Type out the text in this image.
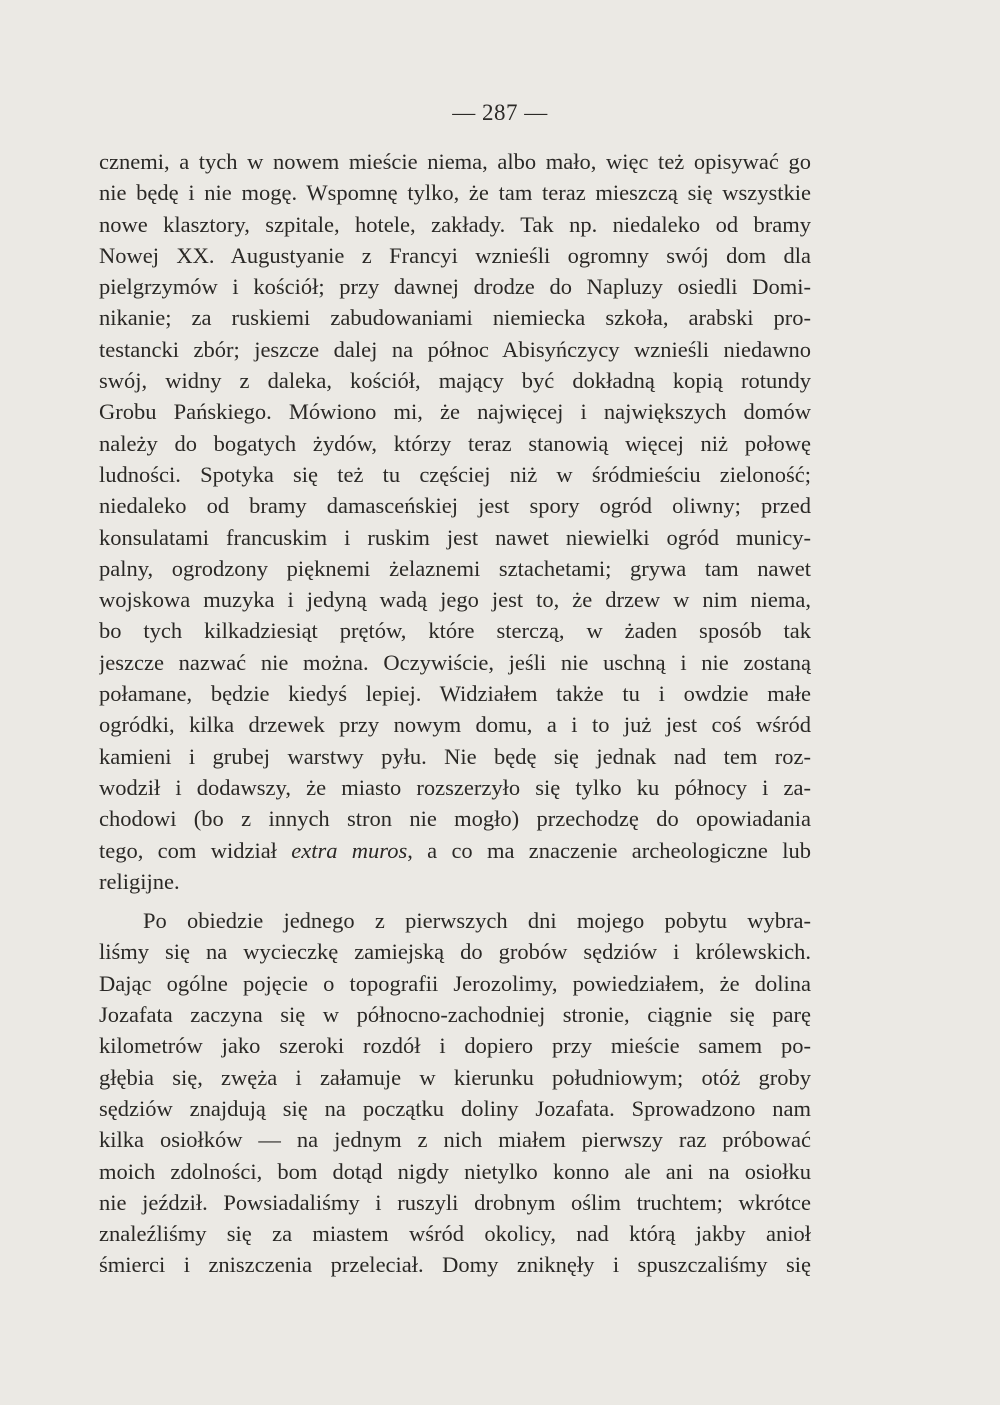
— 287 —
cznemi, a tych w nowem mieście niema, albo mało, więc też opisywać go
nie będę i nie mogę. Wspomnę tylko, że tam teraz mieszczą się wszystkie
nowe klasztory, szpitale, hotele, zakłady. Tak np. niedaleko od bramy
Nowej XX. Augustyanie z Francyi wznieśli ogromny swój dom dla
pielgrzymów i kościół; przy dawnej drodze do Napluzy osiedli Domi-
nikanie; za ruskiemi zabudowaniami niemiecka szkoła, arabski pro-
testancki zbór; jeszcze dalej na północ Abisyńczycy wznieśli niedawno
swój, widny z daleka, kościół, mający być dokładną kopią rotundy
Grobu Pańskiego. Mówiono mi, że najwięcej i największych domów
należy do bogatych żydów, którzy teraz stanowią więcej niż połowę
ludności. Spotyka się też tu częściej niż w śródmieściu zieloność;
niedaleko od bramy damasceńskiej jest spory ogród oliwny; przed
konsulatami francuskim i ruskim jest nawet niewielki ogród municy-
palny, ogrodzony pięknemi żelaznemi sztachetami; grywa tam nawet
wojskowa muzyka i jedyną wadą jego jest to, że drzew w nim niema,
bo tych kilkadziesiąt prętów, które sterczą, w żaden sposób tak
jeszcze nazwać nie można. Oczywiście, jeśli nie uschną i nie zostaną
połamane, będzie kiedyś lepiej. Widziałem także tu i owdzie małe
ogródki, kilka drzewek przy nowym domu, a i to już jest coś wśród
kamieni i grubej warstwy pyłu. Nie będę się jednak nad tem roz-
wodził i dodawszy, że miasto rozszerzyło się tylko ku północy i za-
chodowi (bo z innych stron nie mogło) przechodzę do opowiadania
tego, com widział extra muros, a co ma znaczenie archeologiczne lub
religijne.
Po obiedzie jednego z pierwszych dni mojego pobytu wybra-
liśmy się na wycieczkę zamiejską do grobów sędziów i królewskich.
Dając ogólne pojęcie o topografii Jerozolimy, powiedziałem, że dolina
Jozafata zaczyna się w północno-zachodniej stronie, ciągnie się parę
kilometrów jako szeroki rozdół i dopiero przy mieście samem po-
głębia się, zwęża i załamuje w kierunku południowym; otóż groby
sędziów znajdują się na początku doliny Jozafata. Sprowadzono nam
kilka osiołków — na jednym z nich miałem pierwszy raz próbować
moich zdolności, bom dotąd nigdy nietylko konno ale ani na osiołku
nie jeździł. Powsiadaliśmy i ruszyli drobnym oślim truchtem; wkrótce
znaleźliśmy się za miastem wśród okolicy, nad którą jakby anioł
śmierci i zniszczenia przeleciał. Domy zniknęły i spuszczaliśmy się
